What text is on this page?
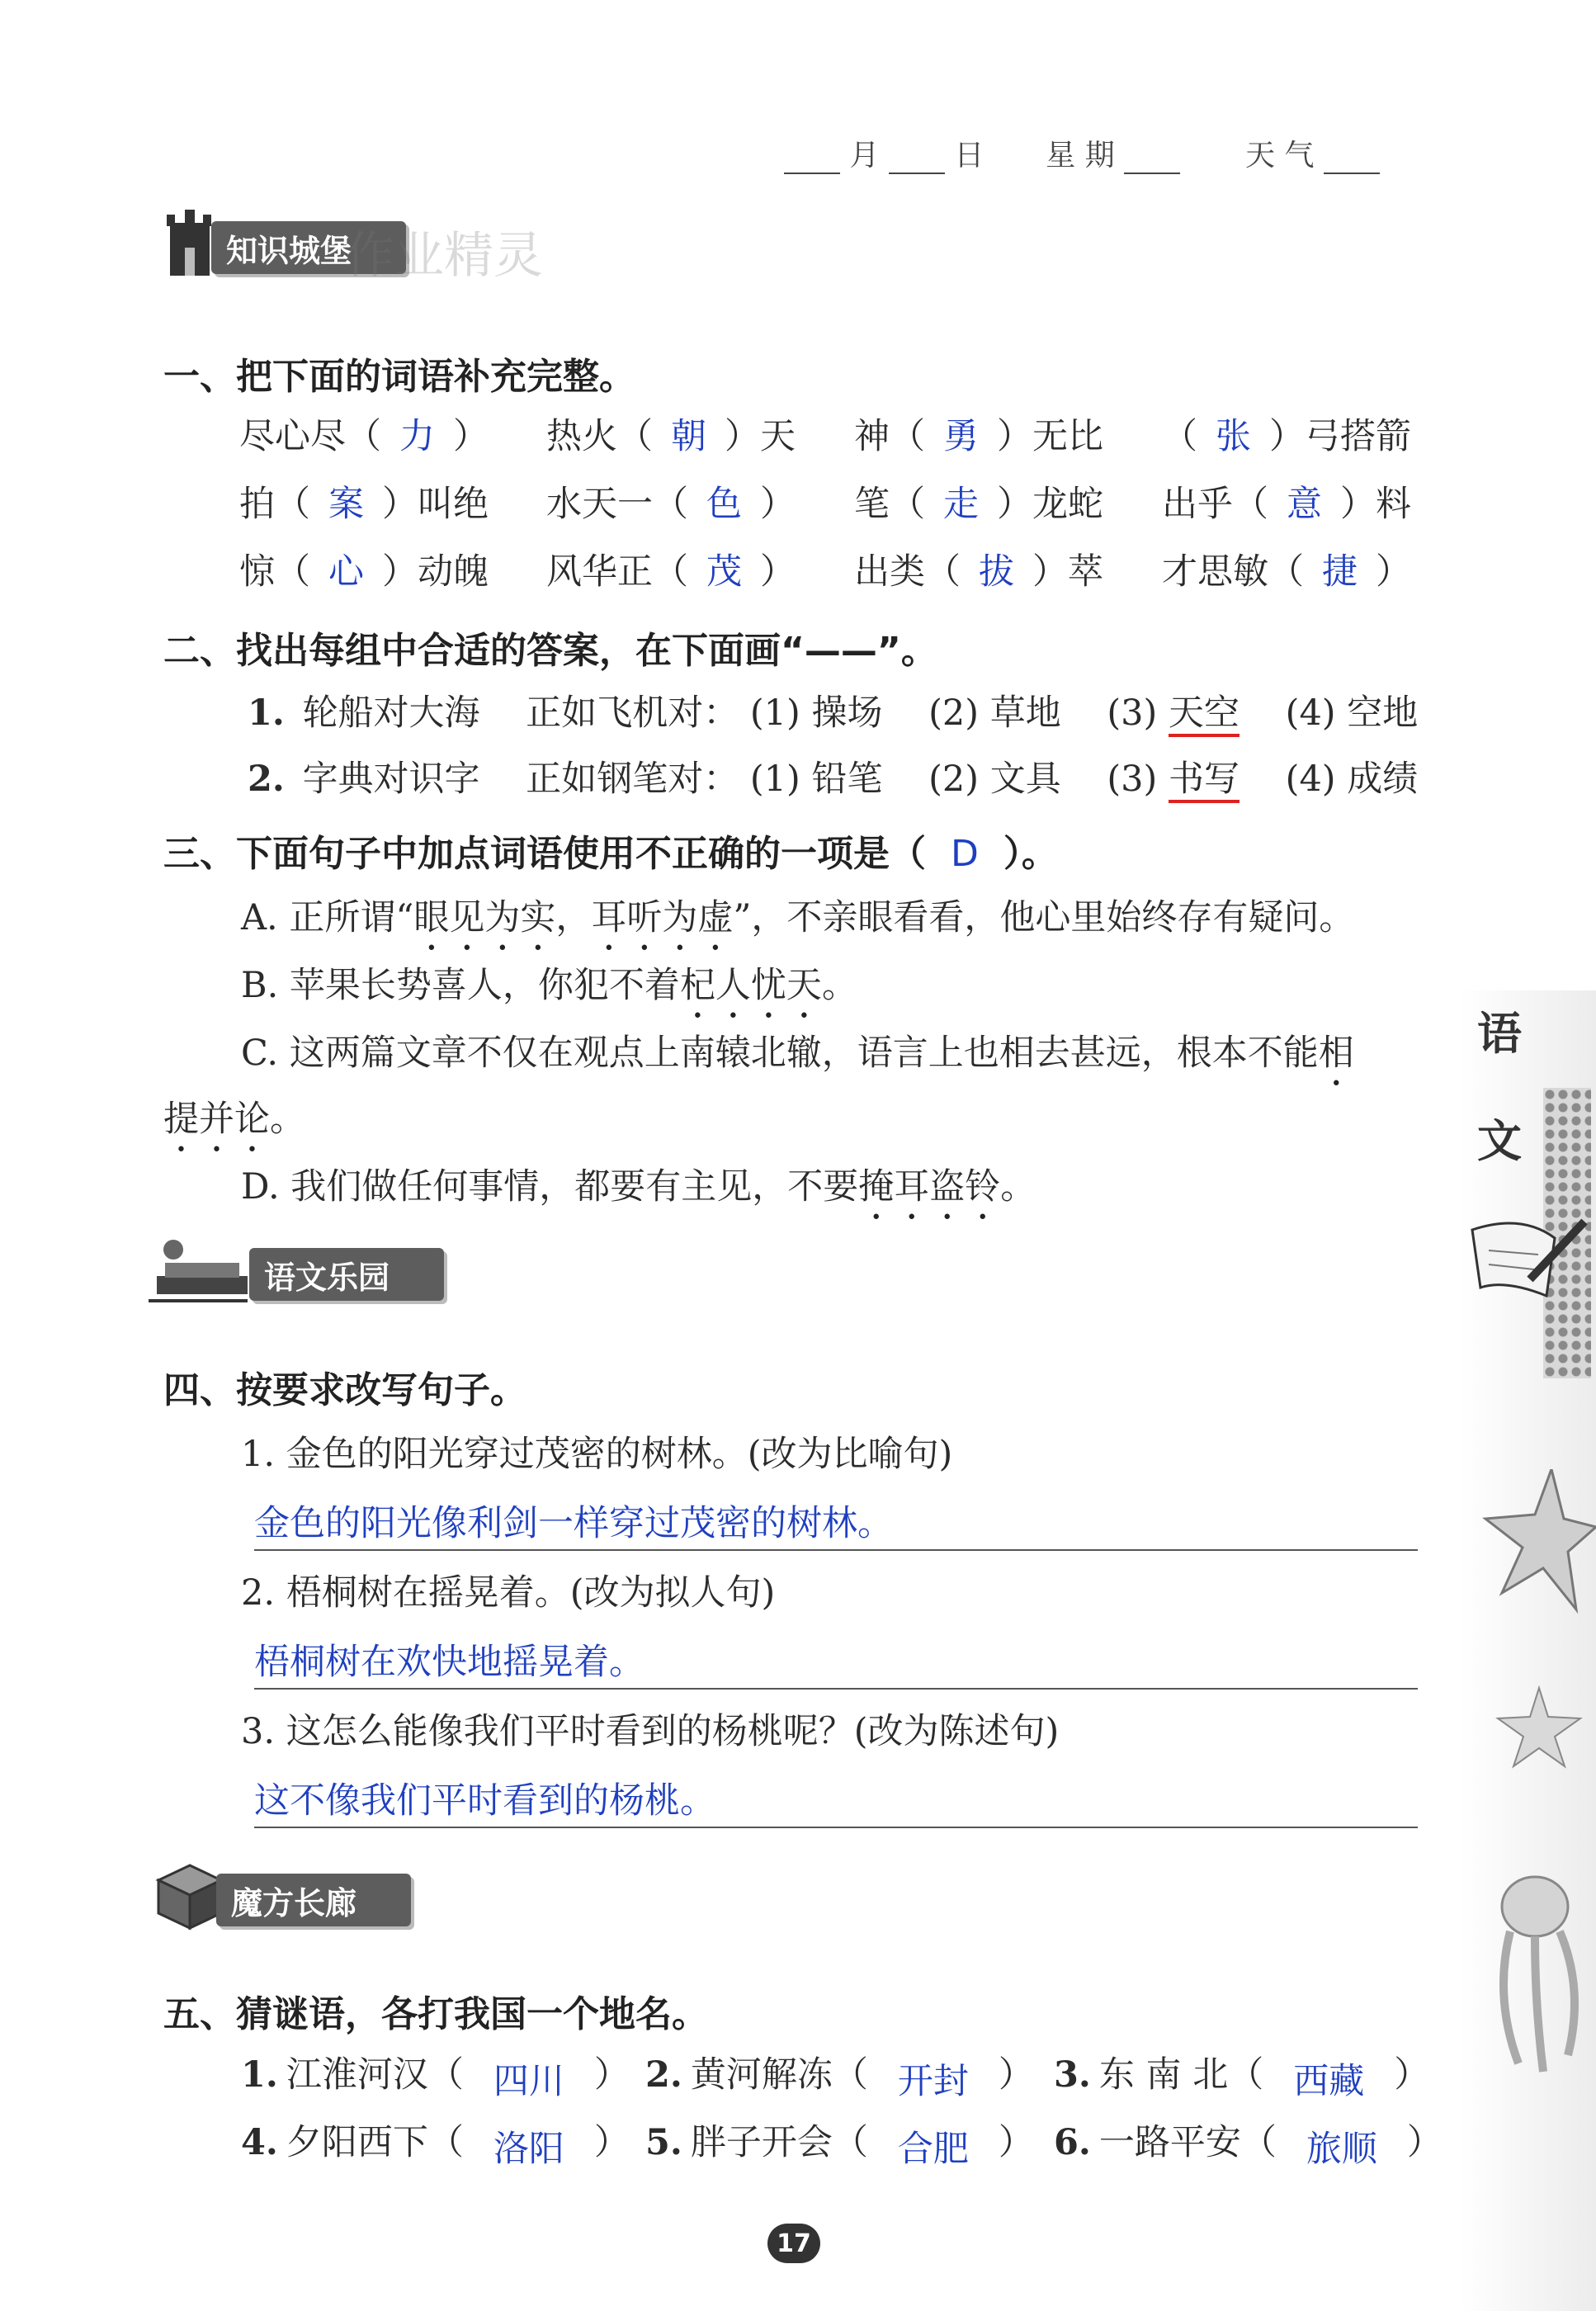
月	日 星 期	天 气
知识城堡
作业精灵
一、把下面的词语补充完整。
尽心尽（ 力 ） 热火（ 朝 ）天 神（ 勇 ）无比 （ 张 ）弓搭箭
拍（ 案 ）叫绝 水天一（ 色 ） 笔（ 走 ）龙蛇 出乎（ 意 ）料
惊（ 心 ）动魄 风华正（ 茂 ） 出类（ 拔 ）萃 才思敏（ 捷 ）
二、找出每组中合适的答案，在下面画“——”。
1. 轮船对大海 正如飞机对： (1) 操场 (2) 草地 (3) 天空 (4) 空地
2. 字典对识字 正如钢笔对： (1) 铅笔 (2) 文具 (3) 书写 (4) 成绩
三、下面句子中加点词语使用不正确的一项是（ D ）。
A. 正所谓“眼见为实，耳听为虚”，不亲眼看看，他心里始终存有疑问。
B. 苹果长势喜人，你犯不着杞人忧天。
C. 这两篇文章不仅在观点上南辕北辙，语言上也相去甚远，根本不能相
提并论。
D. 我们做任何事情，都要有主见，不要掩耳盗铃。
语文乐园
四、按要求改写句子。
1. 金色的阳光穿过茂密的树林。(改为比喻句)
金色的阳光像利剑一样穿过茂密的树林。
2. 梧桐树在摇晃着。(改为拟人句)
梧桐树在欢快地摇晃着。
3. 这怎么能像我们平时看到的杨桃呢？(改为陈述句)
这不像我们平时看到的杨桃。
魔方长廊
五、猜谜语，各打我国一个地名。
1. 江淮河汉（ 四川 ） 2. 黄河解冻（ 开封 ） 3. 东 南 北（ 西藏 ）
4. 夕阳西下（ 洛阳 ） 5. 胖子开会（ 合肥 ） 6. 一路平安（ 旅顺 ）
语
文
17
